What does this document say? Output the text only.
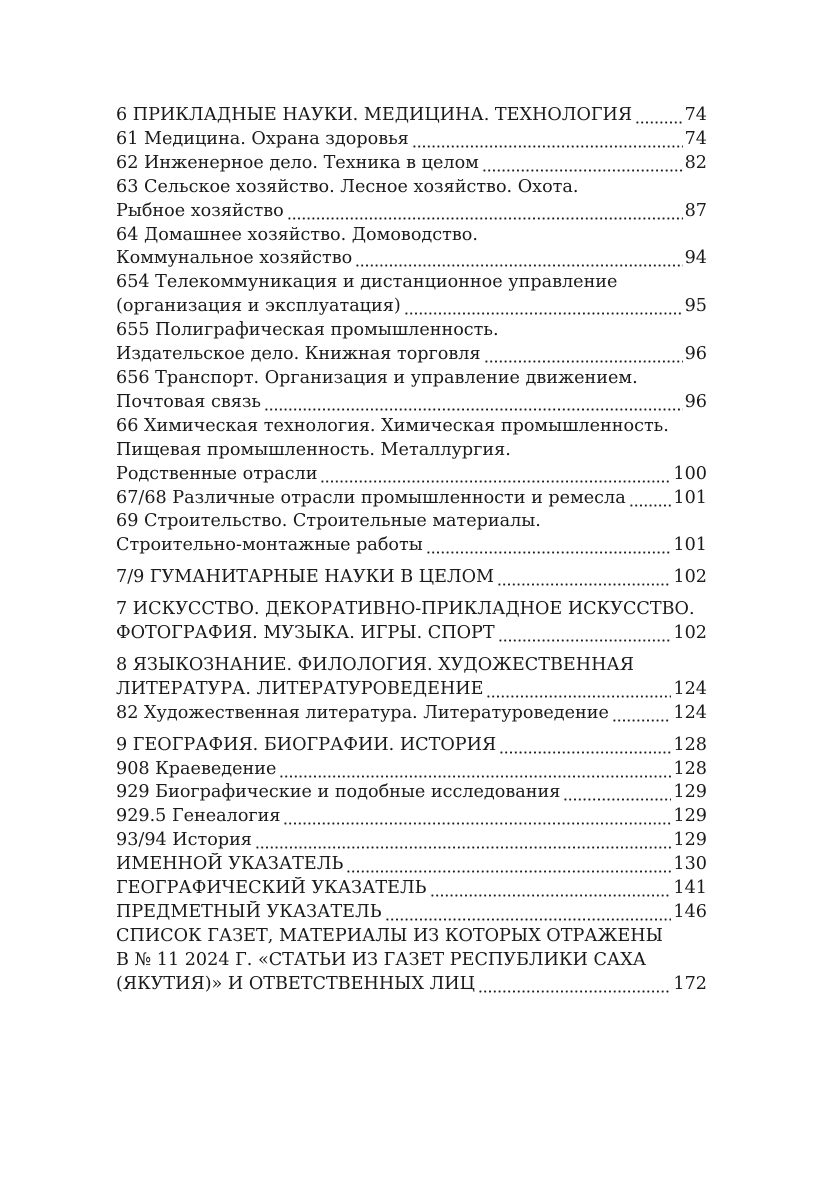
6 ПРИКЛАДНЫЕ НАУКИ. МЕДИЦИНА. ТЕХНОЛОГИЯ	74
61 Медицина. Охрана здоровья	74
62 Инженерное дело. Техника в целом	82
63 Сельское хозяйство. Лесное хозяйство. Охота.
Рыбное хозяйство	87
64 Домашнее хозяйство. Домоводство.
Коммунальное хозяйство	94
654 Телекоммуникация и дистанционное управление
(организация и эксплуатация)	95
655 Полиграфическая промышленность.
Издательское дело. Книжная торговля	96
656 Транспорт. Организация и управление движением.
Почтовая связь	96
66 Химическая технология. Химическая промышленность.
Пищевая промышленность. Металлургия.
Родственные отрасли	100
67/68 Различные отрасли промышленности и ремесла	101
69 Строительство. Строительные материалы.
Строительно-монтажные работы	101
7/9 ГУМАНИТАРНЫЕ НАУКИ В ЦЕЛОМ	102
7 ИСКУССТВО. ДЕКОРАТИВНО-ПРИКЛАДНОЕ ИСКУССТВО.
ФОТОГРАФИЯ. МУЗЫКА. ИГРЫ. СПОРТ	102
8 ЯЗЫКОЗНАНИЕ. ФИЛОЛОГИЯ. ХУДОЖЕСТВЕННАЯ
ЛИТЕРАТУРА. ЛИТЕРАТУРОВЕДЕНИЕ	124
82 Художественная литература. Литературоведение	124
9 ГЕОГРАФИЯ. БИОГРАФИИ. ИСТОРИЯ	128
908 Краеведение	128
929 Биографические и подобные исследования	129
929.5 Генеалогия	129
93/94 История	129
ИМЕННОЙ УКАЗАТЕЛЬ	130
ГЕОГРАФИЧЕСКИЙ УКАЗАТЕЛЬ	141
ПРЕДМЕТНЫЙ УКАЗАТЕЛЬ	146
СПИСОК ГАЗЕТ, МАТЕРИАЛЫ ИЗ КОТОРЫХ ОТРАЖЕНЫ
В № 11 2024 Г. «СТАТЬИ ИЗ ГАЗЕТ РЕСПУБЛИКИ САХА
(ЯКУТИЯ)» И ОТВЕТСТВЕННЫХ ЛИЦ	172
